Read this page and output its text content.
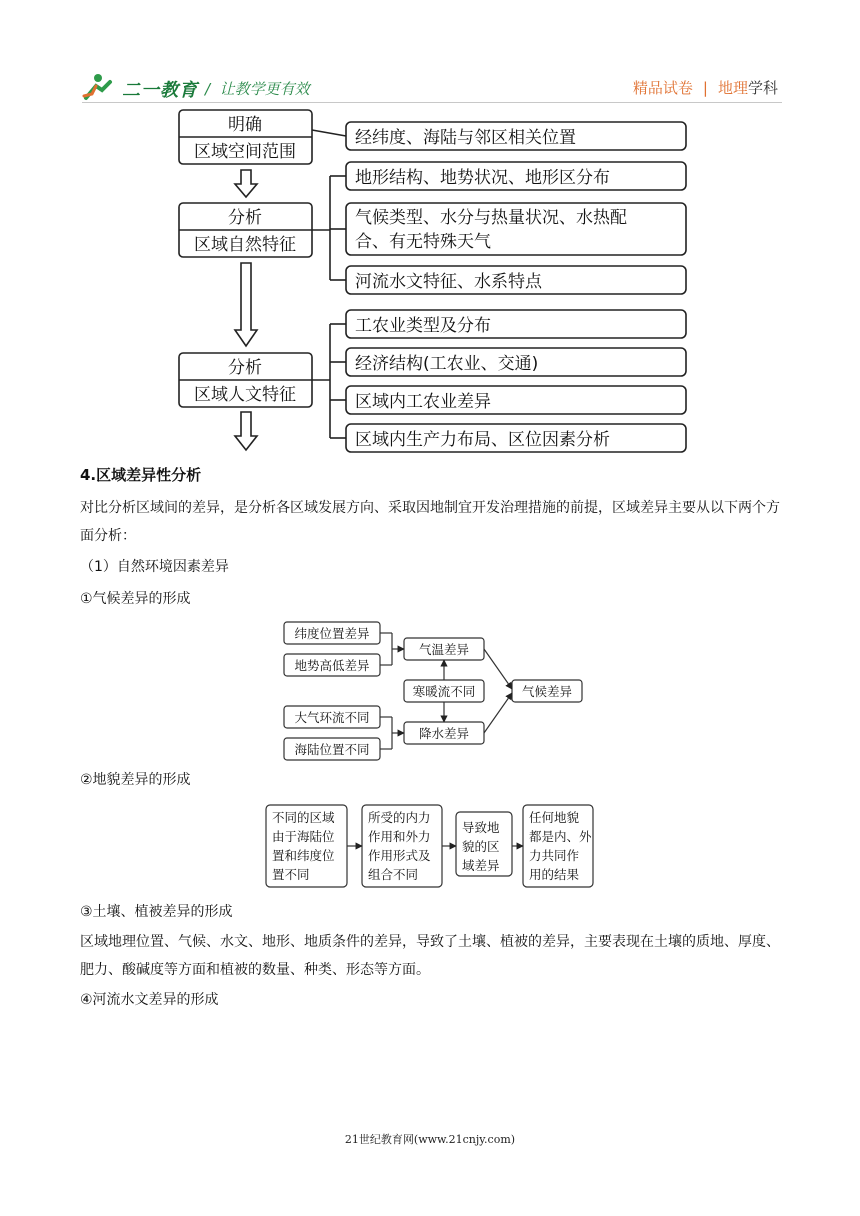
二一教育 /  让教学更有效	精品试卷 | 地理学科
明确
区域空间范围
分析
区域自然特征
分析
区域人文特征
经纬度、海陆与邻区相关位置
地形结构、地势状况、地形区分布
气候类型、水分与热量状况、水热配
合、有无特殊天气
河流水文特征、水系特点
工农业类型及分布
经济结构(工农业、交通)
区域内工农业差异
区域内生产力布局、区位因素分析
4.区域差异性分析
对比分析区域间的差异，是分析各区域发展方向、采取因地制宜开发治理措施的前提，区域差异主要从以下两个方面分析：
（1）自然环境因素差异
①气候差异的形成
纬度位置差异
地势高低差异
大气环流不同
海陆位置不同
气温差异
降水差异
寒暖流不同	气候差异
②地貌差异的形成
不同的区域
由于海陆位
置和纬度位
置不同
所受的内力
作用和外力
作用形式及
组合不同
导致地
貌的区
域差异
任何地貌
都是内、外
力共同作
用的结果
③土壤、植被差异的形成
区域地理位置、气候、水文、地形、地质条件的差异，导致了土壤、植被的差异，主要表现在土壤的质地、厚度、肥力、酸碱度等方面和植被的数量、种类、形态等方面。
④河流水文差异的形成
21世纪教育网(www.21cnjy.com)
